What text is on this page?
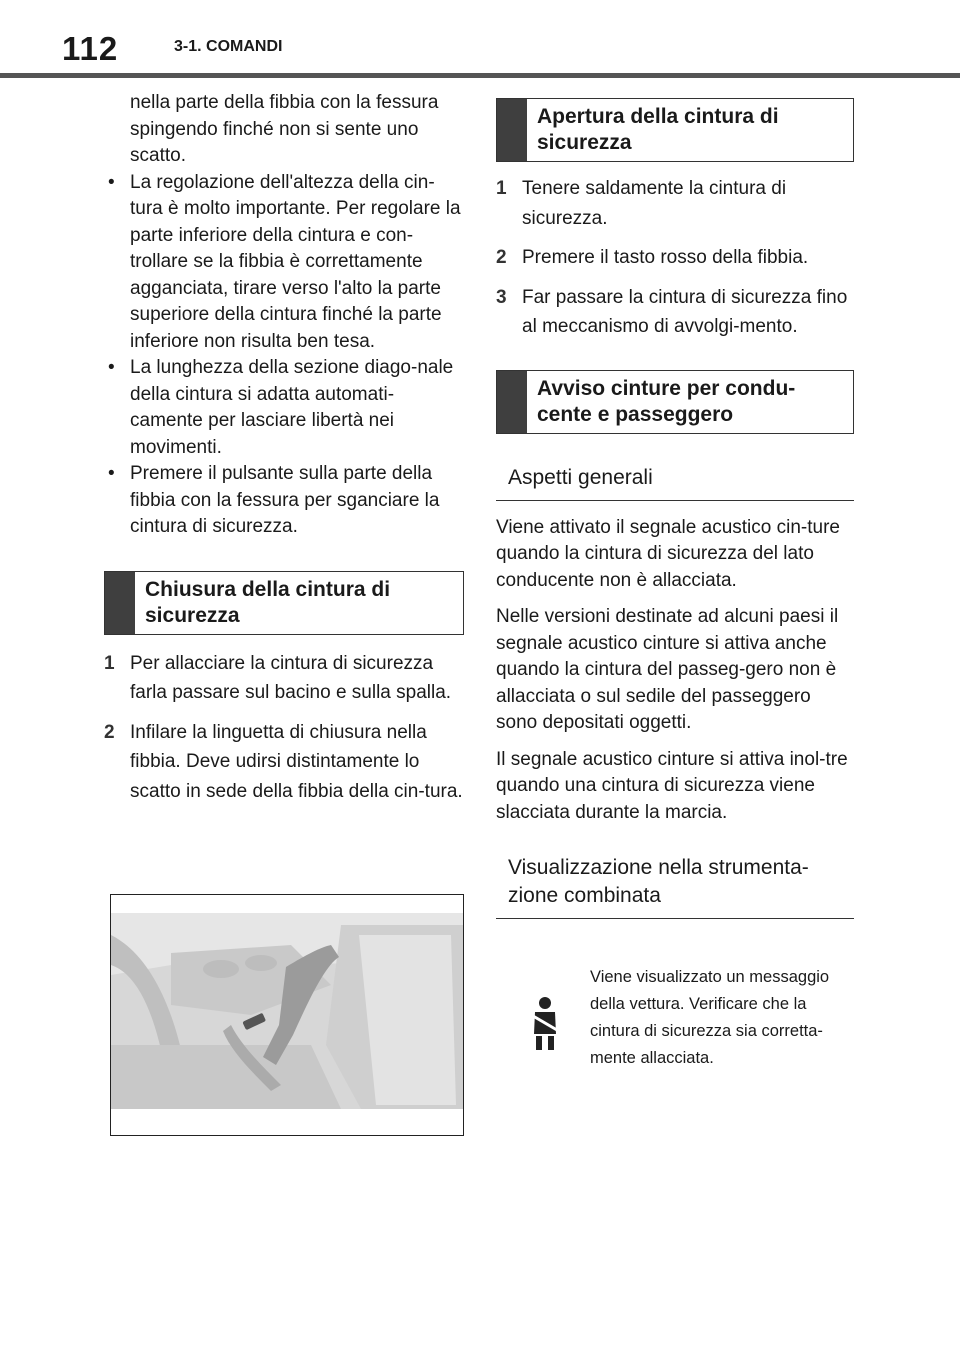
112	3-1. COMANDI

nella parte della fibbia con la fessura spingendo finché non si sente uno scatto.

• La regolazione dell'altezza della cin-tura è molto importante. Per regolare la parte inferiore della cintura e con-trollare se la fibbia è correttamente agganciata, tirare verso l'alto la parte superiore della cintura finché la parte inferiore non risulta ben tesa.
• La lunghezza della sezione diago-nale della cintura si adatta automati-camente per lasciare libertà nei movimenti.
• Premere il pulsante sulla parte della fibbia con la fessura per sganciare la cintura di sicurezza.
Chiusura della cintura di sicurezza
1 Per allacciare la cintura di sicurezza farla passare sul bacino e sulla spalla.
2 Infilare la linguetta di chiusura nella fibbia. Deve udirsi distintamente lo scatto in sede della fibbia della cin-tura.
Apertura della cintura di sicurezza
1 Tenere saldamente la cintura di sicurezza.
2 Premere il tasto rosso della fibbia.
3 Far passare la cintura di sicurezza fino al meccanismo di avvolgi-mento.
Avviso cinture per condu-cente e passeggero
Aspetti generali

Viene attivato il segnale acustico cin-ture quando la cintura di sicurezza del lato conducente non è allacciata.

Nelle versioni destinate ad alcuni paesi il segnale acustico cinture si attiva anche quando la cintura del passeg-gero non è allacciata o sul sedile del passeggero sono depositati oggetti.

Il segnale acustico cinture si attiva inol-tre quando una cintura di sicurezza viene slacciata durante la marcia.

Visualizzazione nella strumenta-zione combinata
Viene visualizzato un messaggio della vettura. Verificare che la cintura di sicurezza sia corretta-mente allacciata.
